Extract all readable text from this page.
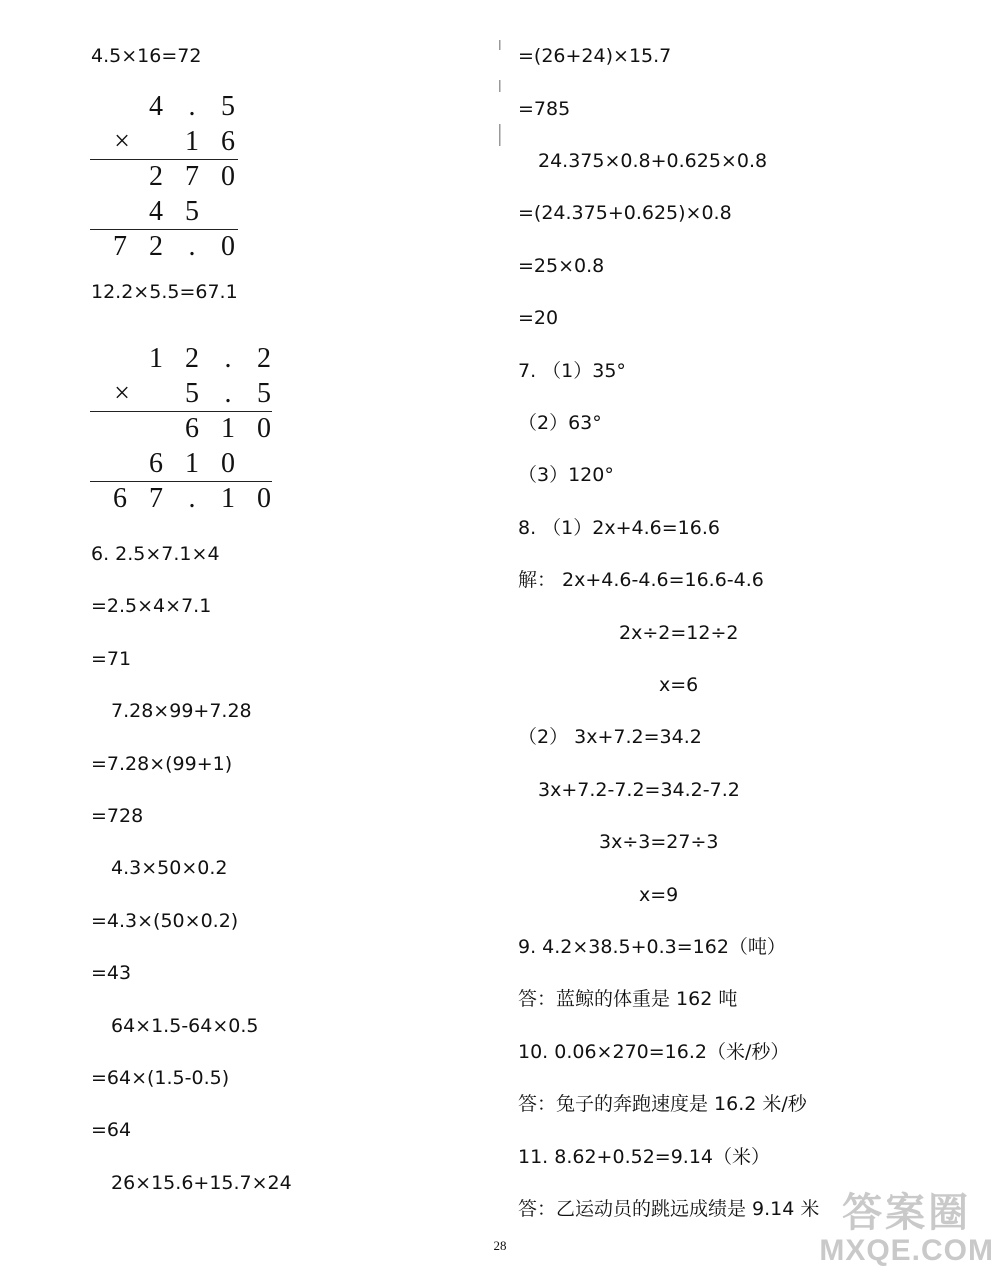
4.5×16=72
4 . 5
× 1 6
2 7 0
4 5
7 2 . 0
12.2×5.5=67.1
1 2 . 2
× 5 . 5
6 1 0
6 1 0
6 7 . 1 0
6. 2.5×7.1×4
=2.5×4×7.1
=71
7.28×99+7.28
=7.28×(99+1)
=728
4.3×50×0.2
=4.3×(50×0.2)
=43
64×1.5-64×0.5
=64×(1.5-0.5)
=64
26×15.6+15.7×24
=(26+24)×15.7
=785
24.375×0.8+0.625×0.8
=(24.375+0.625)×0.8
=25×0.8
=20
7. （1）35°
（2）63°
（3）120°
8. （1）2x+4.6=16.6
解： 2x+4.6-4.6=16.6-4.6
2x÷2=12÷2
x=6
（2） 3x+7.2=34.2
3x+7.2-7.2=34.2-7.2
3x÷3=27÷3
x=9
9. 4.2×38.5+0.3=162（吨）
答：蓝鲸的体重是 162 吨
10. 0.06×270=16.2（米/秒）
答：兔子的奔跑速度是 16.2 米/秒
11. 8.62+0.52=9.14（米）
答：乙运动员的跳远成绩是 9.14 米 答案圈
MXQE.COM
28
